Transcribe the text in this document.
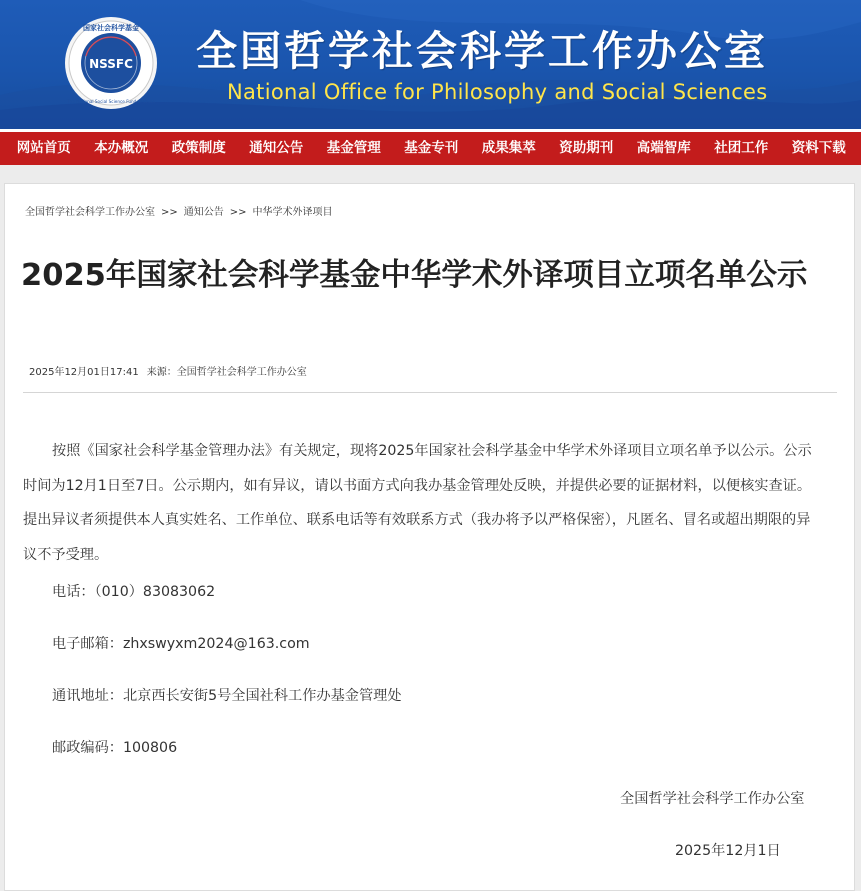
NSSFC
国家社会科学基金
The National Social Science Fund of China
全国哲学社会科学工作办公室
National Office for Philosophy and Social Sciences
网站首页	本办概况	政策制度	通知公告	基金管理	基金专刊	成果集萃	资助期刊	高端智库	社团工作	资料下载
全国哲学社会科学工作办公室 >> 通知公告 >> 中华学术外译项目
2025年国家社会科学基金中华学术外译项目立项名单公示
2025年12月01日17:41 来源：全国哲学社会科学工作办公室

按照《国家社会科学基金管理办法》有关规定，现将2025年国家社会科学基金中华学术外译项目立项名单予以公示。公示时间为12月1日至7日。公示期内，如有异议，请以书面方式向我办基金管理处反映，并提供必要的证据材料，以便核实查证。提出异议者须提供本人真实姓名、工作单位、联系电话等有效联系方式（我办将予以严格保密），凡匿名、冒名或超出期限的异议不予受理。

电话：（010）83083062
电子邮箱：zhxswyxm2024@163.com
通讯地址：北京西长安街5号全国社科工作办基金管理处
邮政编码：100806
全国哲学社会科学工作办公室
2025年12月1日
